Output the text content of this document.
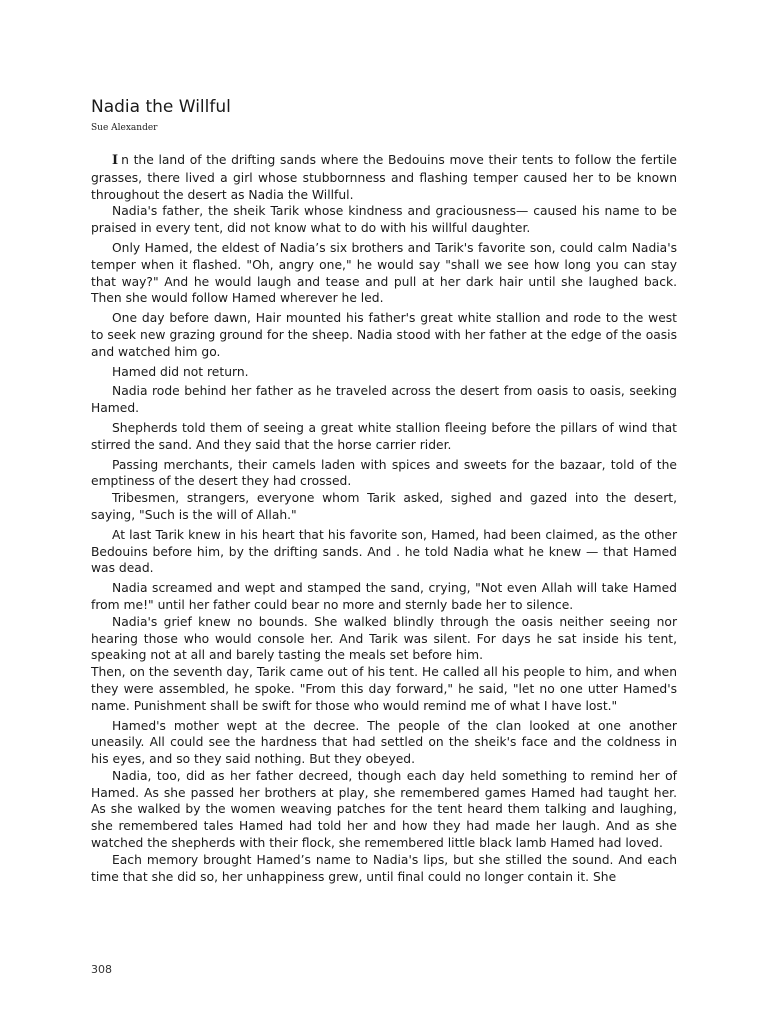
Nadia the Willful
Sue Alexander

In the land of the drifting sands where the Bedouins move their tents to follow the fertile grasses, there lived a girl whose stubbornness and flashing temper caused her to be known throughout the desert as Nadia the Willful.

Nadia's father, the sheik Tarik whose kindness and graciousness— caused his name to be praised in every tent, did not know what to do with his willful daughter.

Only Hamed, the eldest of Nadia’s six brothers and Tarik's favorite son, could calm Nadia's temper when it flashed. "Oh, angry one," he would say "shall we see how long you can stay that way?" And he would laugh and tease and pull at her dark hair until she laughed back. Then she would follow Hamed wherever he led.

One day before dawn, Hair mounted his father's great white stallion and rode to the west to seek new grazing ground for the sheep. Nadia stood with her father at the edge of the oasis and watched him go.

Hamed did not return.

Nadia rode behind her father as he traveled across the desert from oasis to oasis, seeking Hamed.

Shepherds told them of seeing a great white stallion fleeing before the pillars of wind that stirred the sand. And they said that the horse carrier rider.

Passing merchants, their camels laden with spices and sweets for the bazaar, told of the emptiness of the desert they had crossed.

Tribesmen, strangers, everyone whom Tarik asked, sighed and gazed into the desert, saying, "Such is the will of Allah."

At last Tarik knew in his heart that his favorite son, Hamed, had been claimed, as the other Bedouins before him, by the drifting sands. And . he told Nadia what he knew — that Hamed was dead.

Nadia screamed and wept and stamped the sand, crying, "Not even Allah will take Hamed from me!" until her father could bear no more and sternly bade her to silence.

Nadia's grief knew no bounds. She walked blindly through the oasis neither seeing nor hearing those who would console her. And Tarik was silent. For days he sat inside his tent, speaking not at all and barely tasting the meals set before him.

Then, on the seventh day, Tarik came out of his tent. He called all his people to him, and when they were assembled, he spoke. "From this day forward," he said, "let no one utter Hamed's name. Punishment shall be swift for those who would remind me of what I have lost."

Hamed's mother wept at the decree. The people of the clan looked at one another uneasily. All could see the hardness that had settled on the sheik's face and the coldness in his eyes, and so they said nothing. But they obeyed.

Nadia, too, did as her father decreed, though each day held something to remind her of Hamed. As she passed her brothers at play, she remembered games Hamed had taught her. As she walked by the women weaving patches for the tent heard them talking and laughing, she remembered tales Hamed had told her and how they had made her laugh. And as she watched the shepherds with their flock, she remembered little black lamb Hamed had loved.

Each memory brought Hamed’s name to Nadia's lips, but she stilled the sound. And each time that she did so, her unhappiness grew, until final could no longer contain it. She

308
